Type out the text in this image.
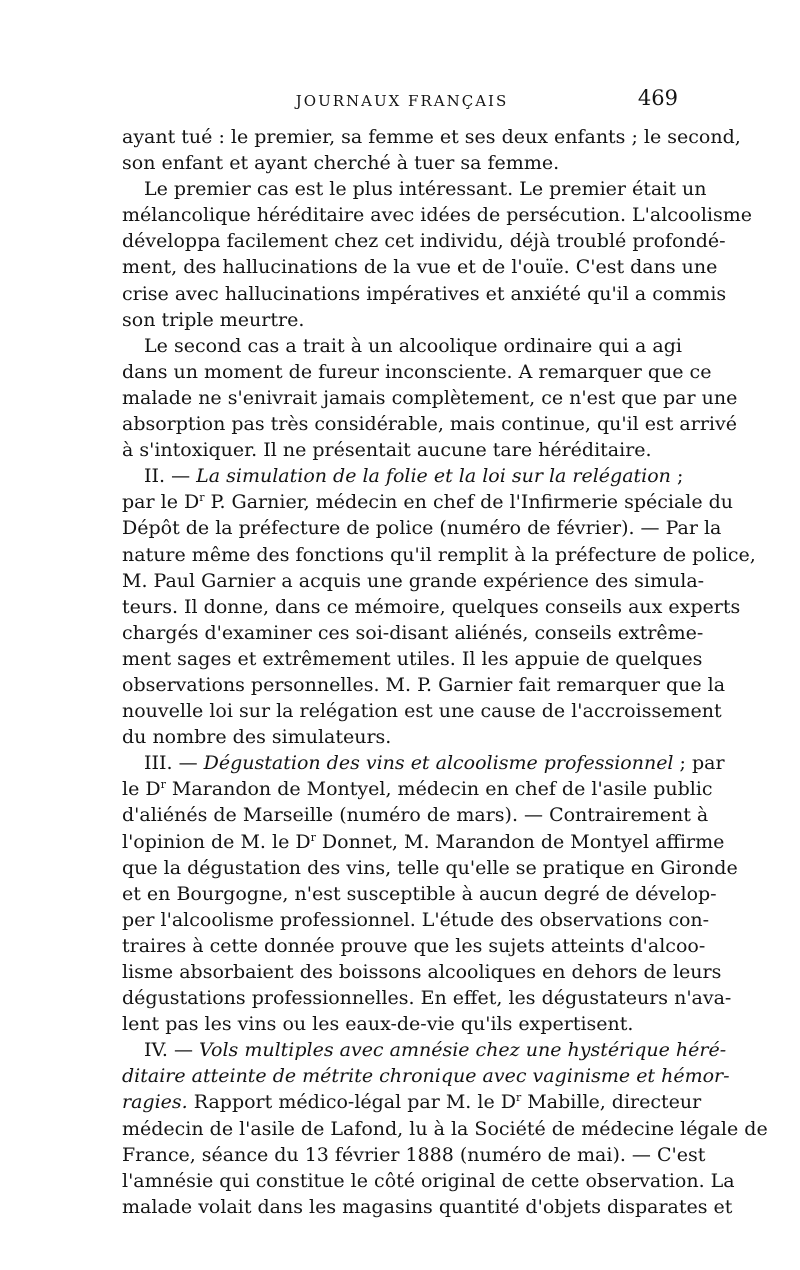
JOURNAUX FRANÇAIS	469
ayant tué : le premier, sa femme et ses deux enfants ; le second,
son enfant et ayant cherché à tuer sa femme.
Le premier cas est le plus intéressant. Le premier était un
mélancolique héréditaire avec idées de persécution. L'alcoolisme
développa facilement chez cet individu, déjà troublé profondé-
ment, des hallucinations de la vue et de l'ouïe. C'est dans une
crise avec hallucinations impératives et anxiété qu'il a commis
son triple meurtre.
Le second cas a trait à un alcoolique ordinaire qui a agi
dans un moment de fureur inconsciente. A remarquer que ce
malade ne s'enivrait jamais complètement, ce n'est que par une
absorption pas très considérable, mais continue, qu'il est arrivé
à s'intoxiquer. Il ne présentait aucune tare héréditaire.
II. — La simulation de la folie et la loi sur la relégation ;
par le $D^r$ P. Garnier, médecin en chef de l'Infirmerie spéciale du
Dépôt de la préfecture de police (numéro de février). — Par la
nature même des fonctions qu'il remplit à la préfecture de police,
M. Paul Garnier a acquis une grande expérience des simula-
teurs. Il donne, dans ce mémoire, quelques conseils aux experts
chargés d'examiner ces soi-disant aliénés, conseils extrême-
ment sages et extrêmement utiles. Il les appuie de quelques
observations personnelles. M. P. Garnier fait remarquer que la
nouvelle loi sur la relégation est une cause de l'accroissement
du nombre des simulateurs.
III. — Dégustation des vins et alcoolisme professionnel ; par
le $D^r$ Marandon de Montyel, médecin en chef de l'asile public
d'aliénés de Marseille (numéro de mars). — Contrairement à
l'opinion de M. le $D^r$ Donnet, M. Marandon de Montyel affirme
que la dégustation des vins, telle qu'elle se pratique en Gironde
et en Bourgogne, n'est susceptible à aucun degré de dévelop-
per l'alcoolisme professionnel. L'étude des observations con-
traires à cette donnée prouve que les sujets atteints d'alcoo-
lisme absorbaient des boissons alcooliques en dehors de leurs
dégustations professionnelles. En effet, les dégustateurs n'ava-
lent pas les vins ou les eaux-de-vie qu'ils expertisent.
IV. — Vols multiples avec amnésie chez une hystérique héré-
ditaire atteinte de métrite chronique avec vaginisme et hémor-
ragies. Rapport médico-légal par M. le $D^r$ Mabille, directeur
médecin de l'asile de Lafond, lu à la Société de médecine légale de
France, séance du 13 février 1888 (numéro de mai). — C'est
l'amnésie qui constitue le côté original de cette observation. La
malade volait dans les magasins quantité d'objets disparates et
